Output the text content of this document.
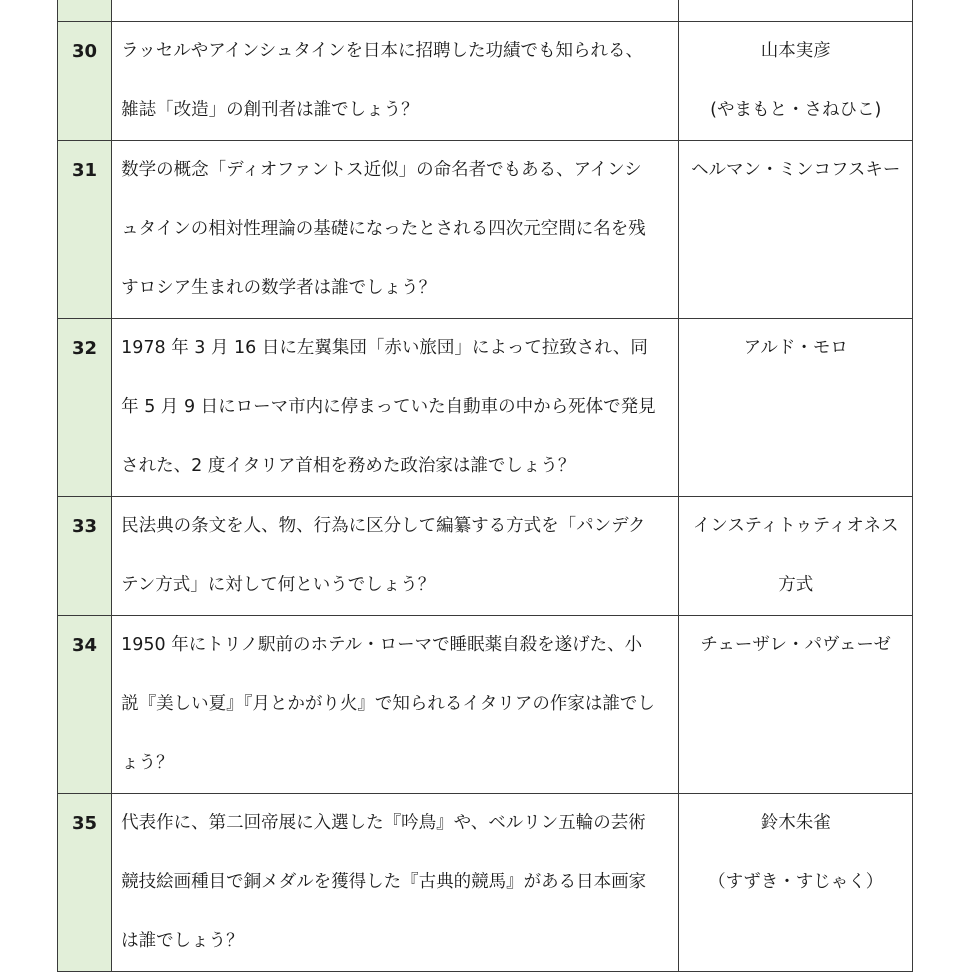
30	ラッセルやアインシュタインを日本に招聘した功績でも知られる、
雑誌「改造」の創刊者は誰でしょう？	山本実彦
(やまもと・さねひこ)

31	数学の概念「ディオファントス近似」の命名者でもある、アインシ
ュタインの相対性理論の基礎になったとされる四次元空間に名を残
すロシア生まれの数学者は誰でしょう？	ヘルマン・ミンコフスキー

32	1978 年 3 月 16 日に左翼集団「赤い旅団」によって拉致され、同
年 5 月 9 日にローマ市内に停まっていた自動車の中から死体で発見
された、2 度イタリア首相を務めた政治家は誰でしょう？	アルド・モロ

33	民法典の条文を人、物、行為に区分して編纂する方式を「パンデク
テン方式」に対して何というでしょう？	インスティトゥティオネス
方式

34	1950 年にトリノ駅前のホテル・ローマで睡眠薬自殺を遂げた、小
説『美しい夏』『月とかがり火』で知られるイタリアの作家は誰でし
ょう？	チェーザレ・パヴェーゼ

35	代表作に、第二回帝展に入選した『吟鳥』や、ベルリン五輪の芸術
競技絵画種目で銅メダルを獲得した『古典的競馬』がある日本画家
は誰でしょう？	鈴木朱雀
（すずき・すじゃく）
